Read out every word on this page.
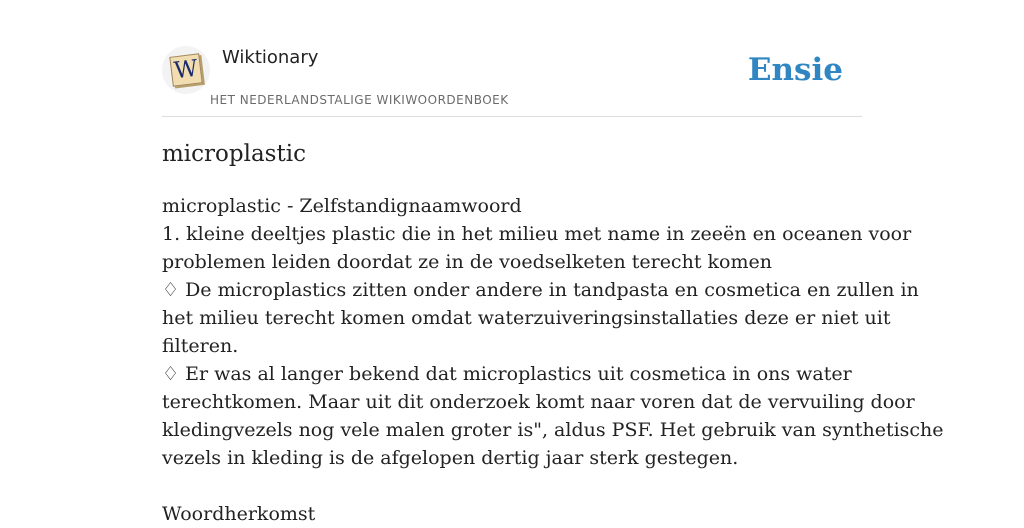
W Wiktionary
HET NEDERLANDSTALIGE WIKIWOORDENBOEK
Ensie
microplastic
microplastic - Zelfstandignaamwoord
1. kleine deeltjes plastic die in het milieu met name in zeeën en oceanen voor
problemen leiden doordat ze in de voedselketen terecht komen
♢ De microplastics zitten onder andere in tandpasta en cosmetica en zullen in
het milieu terecht komen omdat waterzuiveringsinstallaties deze er niet uit
filteren.
♢ Er was al langer bekend dat microplastics uit cosmetica in ons water
terechtkomen. Maar uit dit onderzoek komt naar voren dat de vervuiling door
kledingvezels nog vele malen groter is", aldus PSF. Het gebruik van synthetische
vezels in kleding is de afgelopen dertig jaar sterk gestegen.
Woordherkomst
